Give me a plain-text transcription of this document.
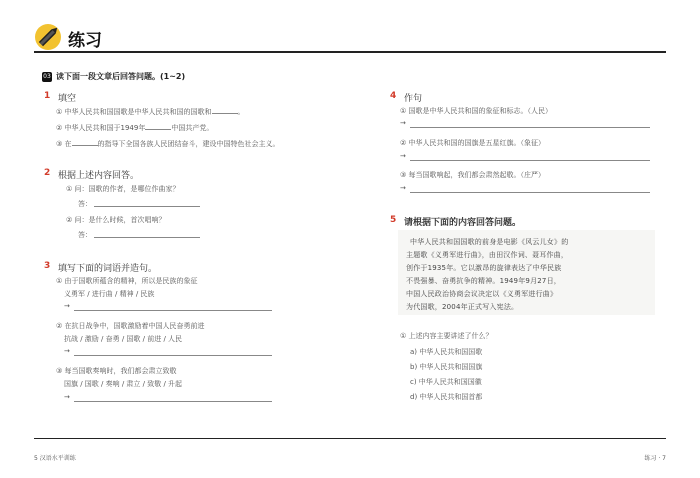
练习
03 读下面一段文章后回答问题。(1~2)
1 填空
① 中华人民共和国国歌是中华人民共和国的国歌和	。
② 中华人民共和国于1949年	中国共产党。
③ 在	的指导下全国各族人民团结奋斗，建设中国特色社会主义。
2 根据上述内容回答。
① 问：国歌的作者，是哪位作曲家？
答：
② 问：是什么时候，首次唱响？
答：
3 填写下面的词语并造句。
① 由于国歌所蕴含的精神，所以是民族的象征
义勇军 / 进行曲 / 精神 / 民族
→
② 在抗日战争中，国歌激励着中国人民奋勇前进
抗战 / 激励 / 奋勇 / 国歌 / 前进 / 人民
→
③ 每当国歌奏响时，我们都会肃立致敬
国旗 / 国歌 / 奏响 / 肃立 / 致敬 / 升起
→
4 作句
① 国歌是中华人民共和国的象征和标志。（人民）
→
② 中华人民共和国的国旗是五星红旗。（象征）
→
③ 每当国歌响起，我们都会肃然起敬。（庄严）
→
5 请根据下面的内容回答问题。
中华人民共和国国歌的前身是电影《风云儿女》的
主题歌《义勇军进行曲》，由田汉作词、聂耳作曲，
创作于1935年。它以激昂的旋律表达了中华民族
不畏强暴、奋勇抗争的精神。1949年9月27日，
中国人民政治协商会议决定以《义勇军进行曲》
为代国歌，2004年正式写入宪法。
① 上述内容主要讲述了什么？
a) 中华人民共和国国歌
b) 中华人民共和国国旗
c) 中华人民共和国国徽
d) 中华人民共和国首都
5 汉语水平训练	练习 · 7
